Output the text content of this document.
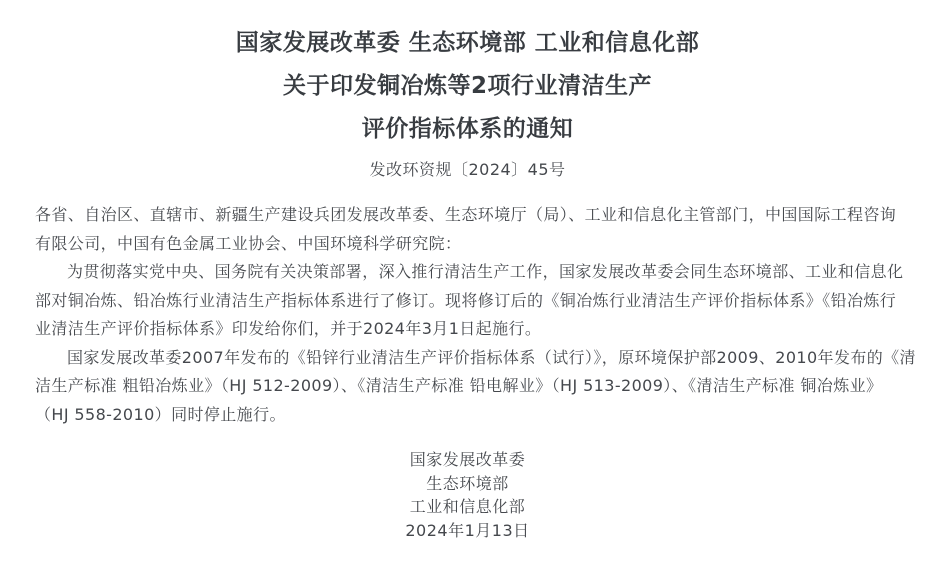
国家发展改革委 生态环境部 工业和信息化部
关于印发铜冶炼等2项行业清洁生产
评价指标体系的通知
发改环资规〔2024〕45号

各省、自治区、直辖市、新疆生产建设兵团发展改革委、生态环境厅（局）、工业和信息化主管部门，中国国际工程咨询
有限公司，中国有色金属工业协会、中国环境科学研究院：

为贯彻落实党中央、国务院有关决策部署，深入推行清洁生产工作，国家发展改革委会同生态环境部、工业和信息化
部对铜冶炼、铅冶炼行业清洁生产指标体系进行了修订。现将修订后的《铜冶炼行业清洁生产评价指标体系》《铅冶炼行
业清洁生产评价指标体系》印发给你们，并于2024年3月1日起施行。

国家发展改革委2007年发布的《铅锌行业清洁生产评价指标体系（试行）》，原环境保护部2009、2010年发布的《清
洁生产标准 粗铅冶炼业》（HJ 512-2009）、《清洁生产标准 铅电解业》（HJ 513-2009）、《清洁生产标准 铜冶炼业》
（HJ 558-2010）同时停止施行。

国家发展改革委
生态环境部
工业和信息化部
2024年1月13日
